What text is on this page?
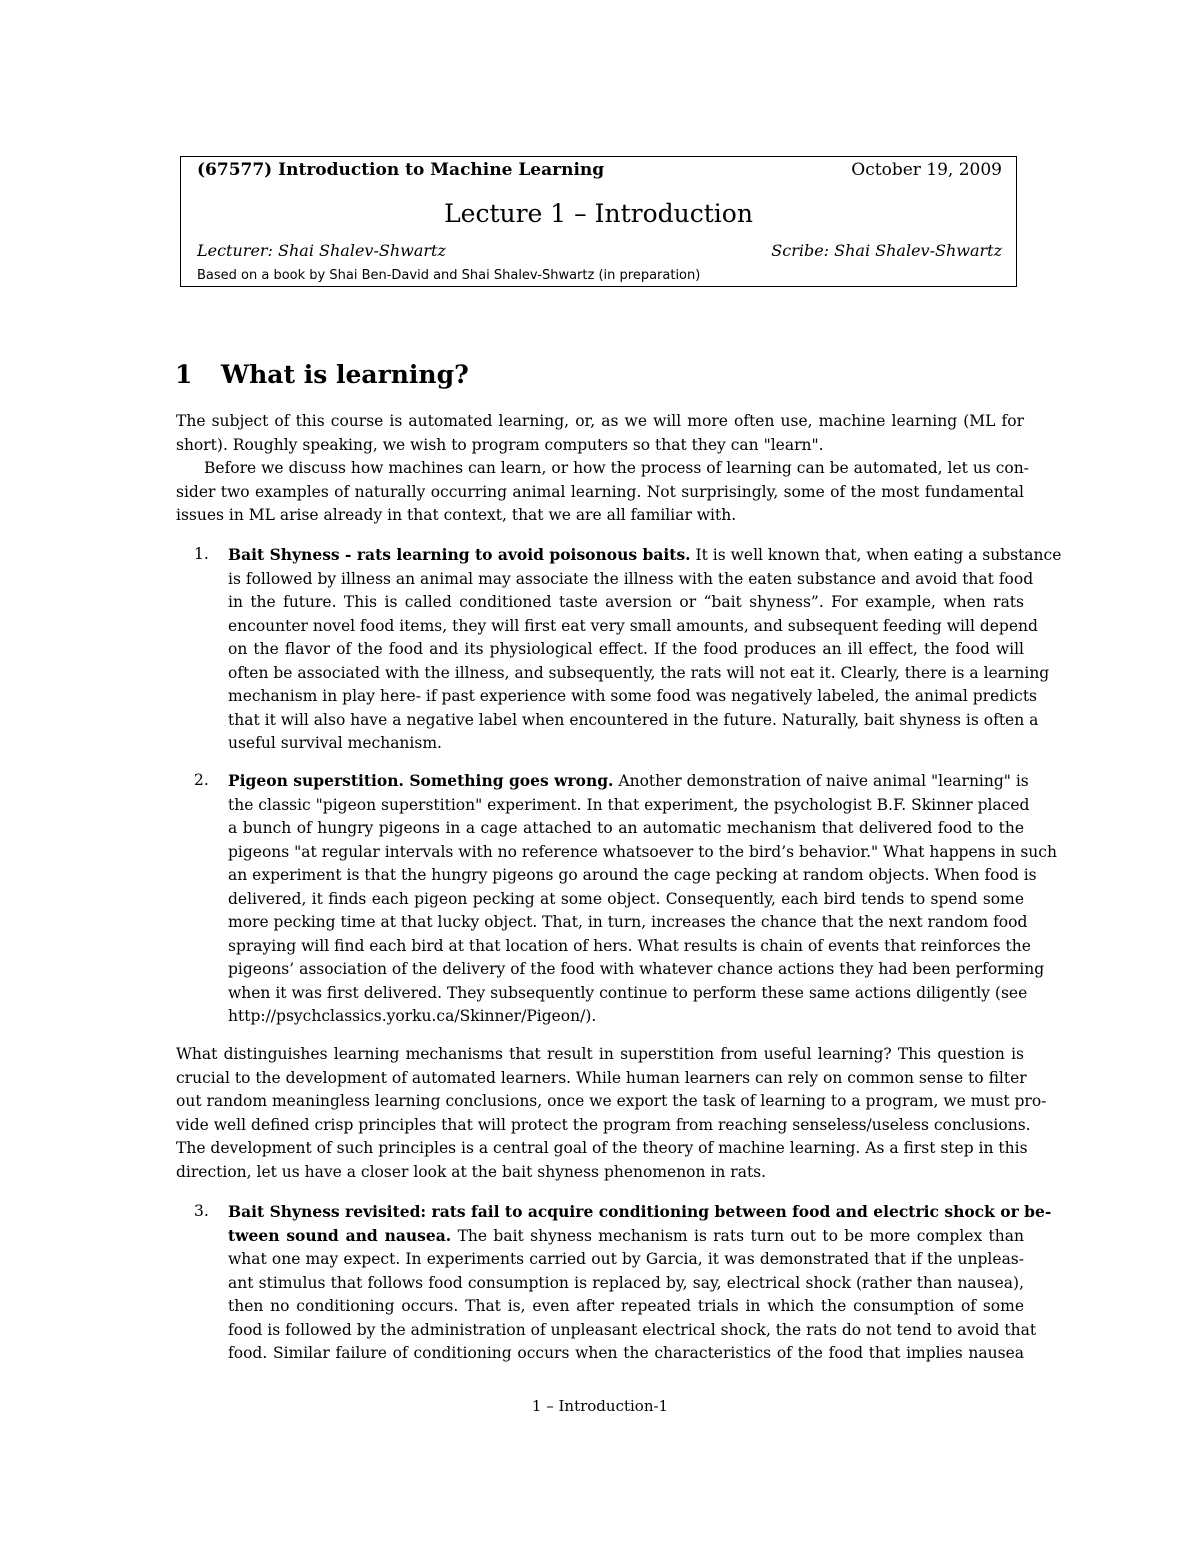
(67577) Introduction to Machine Learning	October 19, 2009
Lecture 1 – Introduction
Lecturer: Shai Shalev-Shwartz	Scribe: Shai Shalev-Shwartz
Based on a book by Shai Ben-David and Shai Shalev-Shwartz (in preparation)
1 What is learning?
The subject of this course is automated learning, or, as we will more often use, machine learning (ML for
short). Roughly speaking, we wish to program computers so that they can "learn".
Before we discuss how machines can learn, or how the process of learning can be automated, let us con-
sider two examples of naturally occurring animal learning. Not surprisingly, some of the most fundamental
issues in ML arise already in that context, that we are all familiar with.
1. Bait Shyness - rats learning to avoid poisonous baits. It is well known that, when eating a substance
is followed by illness an animal may associate the illness with the eaten substance and avoid that food
in the future. This is called conditioned taste aversion or “bait shyness”. For example, when rats
encounter novel food items, they will first eat very small amounts, and subsequent feeding will depend
on the flavor of the food and its physiological effect. If the food produces an ill effect, the food will
often be associated with the illness, and subsequently, the rats will not eat it. Clearly, there is a learning
mechanism in play here- if past experience with some food was negatively labeled, the animal predicts
that it will also have a negative label when encountered in the future. Naturally, bait shyness is often a
useful survival mechanism.
2. Pigeon superstition. Something goes wrong. Another demonstration of naive animal "learning" is
the classic "pigeon superstition" experiment. In that experiment, the psychologist B.F. Skinner placed
a bunch of hungry pigeons in a cage attached to an automatic mechanism that delivered food to the
pigeons "at regular intervals with no reference whatsoever to the bird’s behavior." What happens in such
an experiment is that the hungry pigeons go around the cage pecking at random objects. When food is
delivered, it finds each pigeon pecking at some object. Consequently, each bird tends to spend some
more pecking time at that lucky object. That, in turn, increases the chance that the next random food
spraying will find each bird at that location of hers. What results is chain of events that reinforces the
pigeons’ association of the delivery of the food with whatever chance actions they had been performing
when it was first delivered. They subsequently continue to perform these same actions diligently (see
http://psychclassics.yorku.ca/Skinner/Pigeon/).
What distinguishes learning mechanisms that result in superstition from useful learning? This question is
crucial to the development of automated learners. While human learners can rely on common sense to filter
out random meaningless learning conclusions, once we export the task of learning to a program, we must pro-
vide well defined crisp principles that will protect the program from reaching senseless/useless conclusions.
The development of such principles is a central goal of the theory of machine learning. As a first step in this
direction, let us have a closer look at the bait shyness phenomenon in rats.
3. Bait Shyness revisited: rats fail to acquire conditioning between food and electric shock or be-
tween sound and nausea. The bait shyness mechanism is rats turn out to be more complex than
what one may expect. In experiments carried out by Garcia, it was demonstrated that if the unpleas-
ant stimulus that follows food consumption is replaced by, say, electrical shock (rather than nausea),
then no conditioning occurs. That is, even after repeated trials in which the consumption of some
food is followed by the administration of unpleasant electrical shock, the rats do not tend to avoid that
food. Similar failure of conditioning occurs when the characteristics of the food that implies nausea
1 – Introduction-1
